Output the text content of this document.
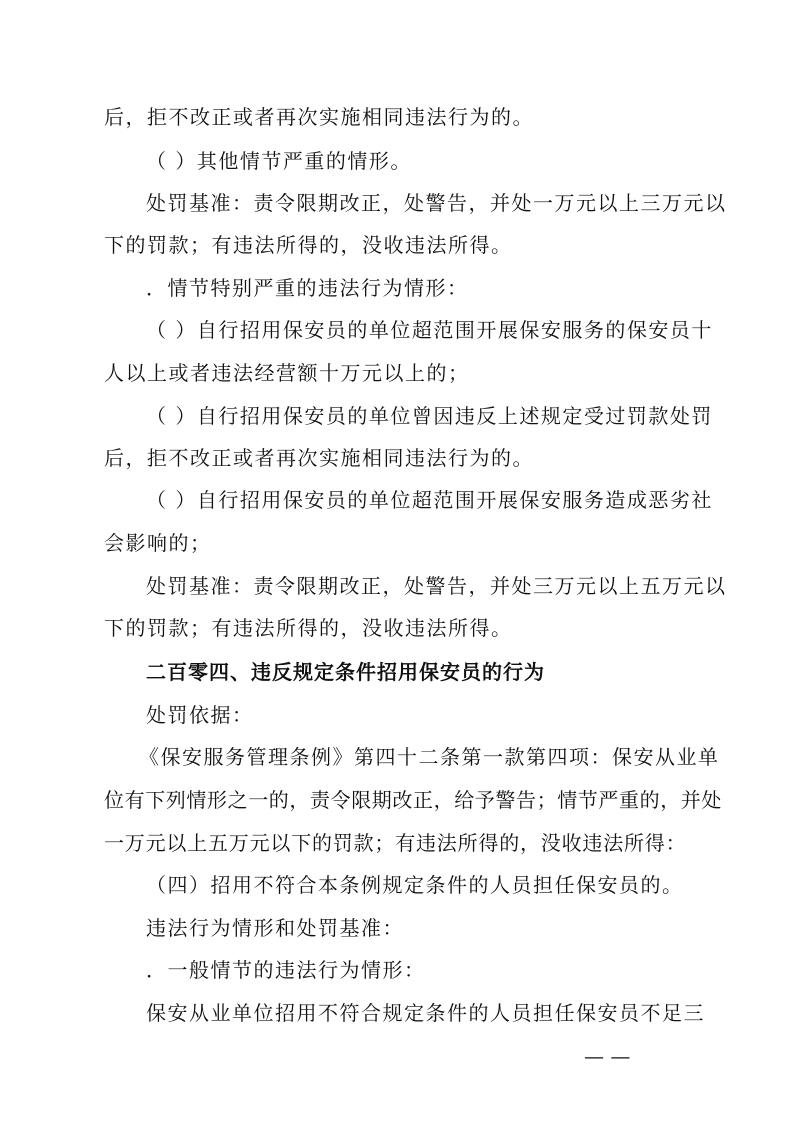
后，拒不改正或者再次实施相同违法行为的。
（ ）其他情节严重的情形。
处罚基准：责令限期改正，处警告，并处一万元以上三万元以
下的罚款；有违法所得的，没收违法所得。
．情节特别严重的违法行为情形：
（ ）自行招用保安员的单位超范围开展保安服务的保安员十
人以上或者违法经营额十万元以上的；
（ ）自行招用保安员的单位曾因违反上述规定受过罚款处罚
后，拒不改正或者再次实施相同违法行为的。
（ ）自行招用保安员的单位超范围开展保安服务造成恶劣社
会影响的；
处罚基准：责令限期改正，处警告，并处三万元以上五万元以
下的罚款；有违法所得的，没收违法所得。
二百零四、违反规定条件招用保安员的行为
处罚依据：
《保安服务管理条例》第四十二条第一款第四项：保安从业单
位有下列情形之一的，责令限期改正，给予警告；情节严重的，并处
一万元以上五万元以下的罚款；有违法所得的，没收违法所得：
（四）招用不符合本条例规定条件的人员担任保安员的。
违法行为情形和处罚基准：
．一般情节的违法行为情形：
保安从业单位招用不符合规定条件的人员担任保安员不足三
— —
